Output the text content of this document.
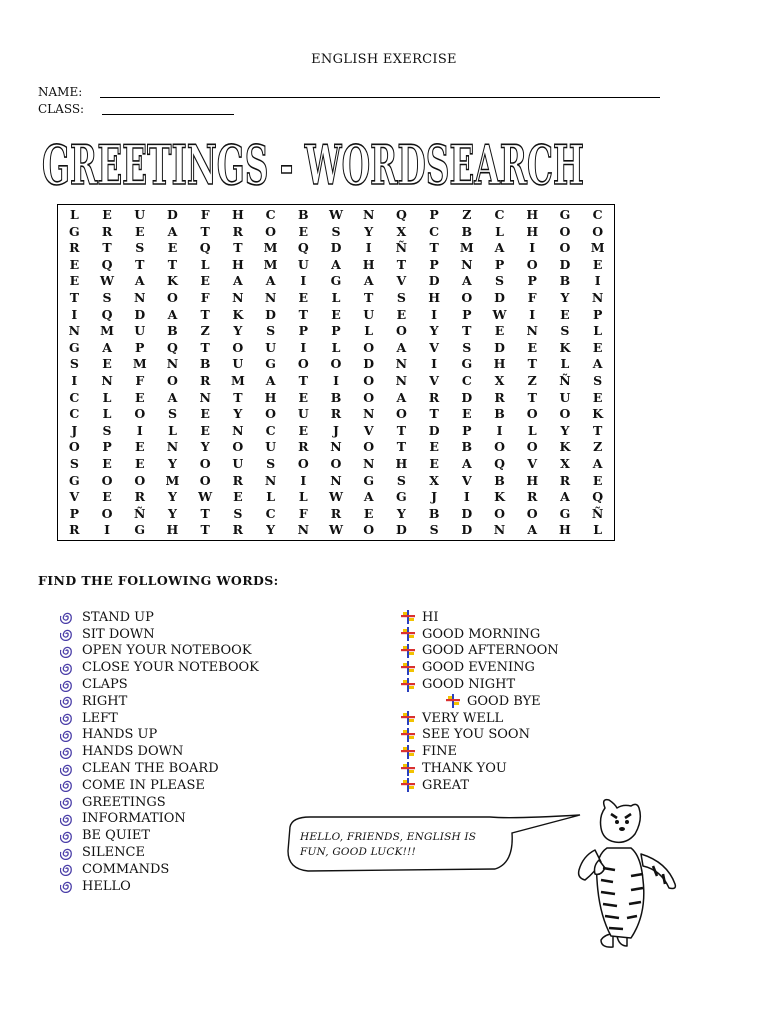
ENGLISH EXERCISE
NAME:
CLASS:
GREETINGS - WORDSEARCH
L	E	U	D	F	H	C	B	W	N	Q	P	Z	C	H	G	C
G	R	E	A	T	R	O	E	S	Y	X	C	B	L	H	O	O
R	T	S	E	Q	T	M	Q	D	I	Ñ	T	M	A	I	O	M
E	Q	T	T	L	H	M	U	A	H	T	P	N	P	O	D	E
E	W	A	K	E	A	A	I	G	A	V	D	A	S	P	B	I
T	S	N	O	F	N	N	E	L	T	S	H	O	D	F	Y	N
I	Q	D	A	T	K	D	T	E	U	E	I	P	W	I	E	P
N	M	U	B	Z	Y	S	P	P	L	O	Y	T	E	N	S	L
G	A	P	Q	T	O	U	I	L	O	A	V	S	D	E	K	E
S	E	M	N	B	U	G	O	O	D	N	I	G	H	T	L	A
I	N	F	O	R	M	A	T	I	O	N	V	C	X	Z	Ñ	S
C	L	E	A	N	T	H	E	B	O	A	R	D	R	T	U	E
C	L	O	S	E	Y	O	U	R	N	O	T	E	B	O	O	K
J	S	I	L	E	N	C	E	J	V	T	D	P	I	L	Y	T
O	P	E	N	Y	O	U	R	N	O	T	E	B	O	O	K	Z
S	E	E	Y	O	U	S	O	O	N	H	E	A	Q	V	X	A
G	O	O	M	O	R	N	I	N	G	S	X	V	B	H	R	E
V	E	R	Y	W	E	L	L	W	A	G	J	I	K	R	A	Q
P	O	Ñ	Y	T	S	C	F	R	E	Y	B	D	O	O	G	Ñ
R	I	G	H	T	R	Y	N	W	O	D	S	D	N	A	H	L
FIND THE FOLLOWING WORDS:
STAND UP
SIT DOWN
OPEN YOUR NOTEBOOK
CLOSE YOUR NOTEBOOK
CLAPS
RIGHT
LEFT
HANDS UP
HANDS DOWN
CLEAN THE BOARD
COME IN PLEASE
GREETINGS
INFORMATION
BE QUIET
SILENCE
COMMANDS
HELLO
HI
GOOD MORNING
GOOD AFTERNOON
GOOD EVENING
GOOD NIGHT
GOOD BYE
VERY WELL
SEE YOU SOON
FINE
THANK YOU
GREAT
HELLO, FRIENDS, ENGLISH IS FUN, GOOD LUCK!!!
